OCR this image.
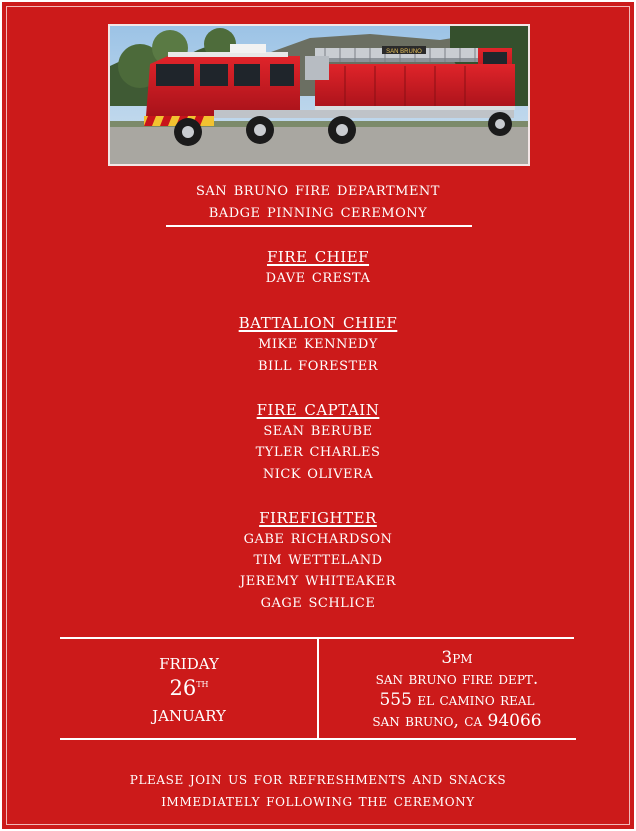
SAN BRUNO
san bruno fire department
badge pinning ceremony
fire chief
dave cresta
battalion chief
mike kennedy
bill forester
fire captain
sean berube
tyler charles
nick olivera
firefighter
gabe richardson
tim wetteland
jeremy whiteaker
gage schlice
friday
26th
january
3pm
san bruno fire dept.
555 el camino real
san bruno, ca 94066
please join us for refreshments and snacks
immediately following the ceremony
